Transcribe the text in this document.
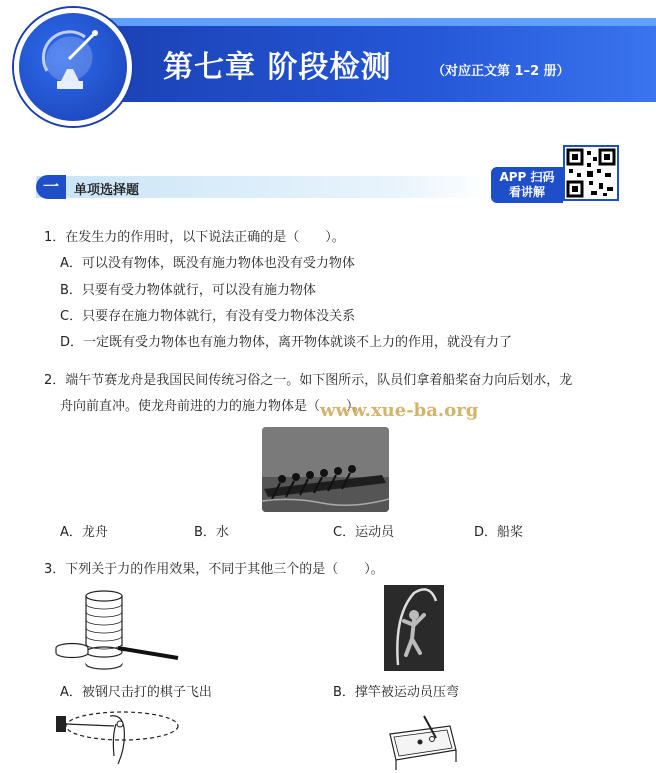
第七章 阶段检测	（对应正文第 1–2 册）
一	单项选择题
APP 扫码
看讲解
1．在发生力的作用时，以下说法正确的是（　　）。
A．可以没有物体，既没有施力物体也没有受力物体
B．只要有受力物体就行，可以没有施力物体
C．只要存在施力物体就行，有没有受力物体没关系
D．一定既有受力物体也有施力物体，离开物体就谈不上力的作用，就没有力了
2．端午节赛龙舟是我国民间传统习俗之一。如下图所示，队员们拿着船桨奋力向后划水，龙
舟向前直冲。使龙舟前进的力的施力物体是（　　）。
www.xue-ba.org
A．龙舟	B．水	C．运动员	D．船桨
3．下列关于力的作用效果，不同于其他三个的是（　　）。
A．被钢尺击打的棋子飞出	B．撑竿被运动员压弯
